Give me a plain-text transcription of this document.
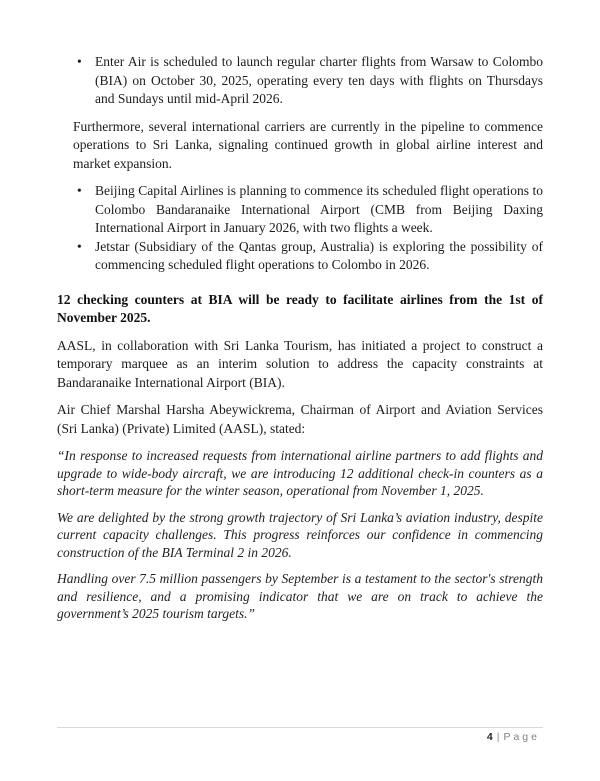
• Enter Air is scheduled to launch regular charter flights from Warsaw to Colombo (BIA) on October 30, 2025, operating every ten days with flights on Thursdays and Sundays until mid-April 2026.
Furthermore, several international carriers are currently in the pipeline to commence operations to Sri Lanka, signaling continued growth in global airline interest and market expansion.
• Beijing Capital Airlines is planning to commence its scheduled flight operations to Colombo Bandaranaike International Airport (CMB from Beijing Daxing International Airport in January 2026, with two flights a week.
• Jetstar (Subsidiary of the Qantas group, Australia) is exploring the possibility of commencing scheduled flight operations to Colombo in 2026.
12 checking counters at BIA will be ready to facilitate airlines from the 1st of November 2025.
AASL, in collaboration with Sri Lanka Tourism, has initiated a project to construct a temporary marquee as an interim solution to address the capacity constraints at Bandaranaike International Airport (BIA).
Air Chief Marshal Harsha Abeywickrema, Chairman of Airport and Aviation Services (Sri Lanka) (Private) Limited (AASL), stated:
“In response to increased requests from international airline partners to add flights and upgrade to wide-body aircraft, we are introducing 12 additional check-in counters as a short-term measure for the winter season, operational from November 1, 2025.
We are delighted by the strong growth trajectory of Sri Lanka’s aviation industry, despite current capacity challenges. This progress reinforces our confidence in commencing construction of the BIA Terminal 2 in 2026.
Handling over 7.5 million passengers by September is a testament to the sector's strength and resilience, and a promising indicator that we are on track to achieve the government’s 2025 tourism targets.”
4 | Page
